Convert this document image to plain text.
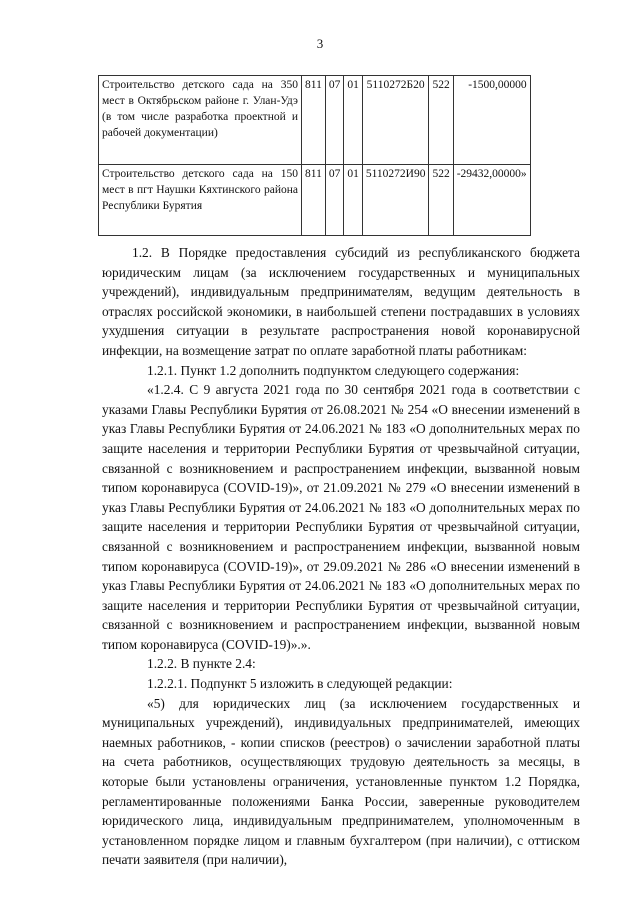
3
Строительство детского сада на 350 мест в Октябрьском районе г. Улан-Удэ (в том числе разработка проектной и рабочей документации)	811	07	01	5110272Б20	522	-1500,00000
Строительство детского сада на 150 мест в пгт Наушки Кяхтинского района Республики Бурятия	811	07	01	5110272И90	522	-29432,00000»

1.2. В Порядке предоставления субсидий из республиканского бюджета юридическим лицам (за исключением государственных и муниципальных учреждений), индивидуальным предпринимателям, ведущим деятельность в отраслях российской экономики, в наибольшей степени пострадавших в условиях ухудшения ситуации в результате распространения новой коронавирусной инфекции, на возмещение затрат по оплате заработной платы работникам:

1.2.1. Пункт 1.2 дополнить подпунктом следующего содержания:

«1.2.4. С 9 августа 2021 года по 30 сентября 2021 года в соответствии с указами Главы Республики Бурятия от 26.08.2021 № 254 «О внесении изменений в указ Главы Республики Бурятия от 24.06.2021 № 183 «О дополнительных мерах по защите населения и территории Республики Бурятия от чрезвычайной ситуации, связанной с возникновением и распространением инфекции, вызванной новым типом коронавируса (COVID-19)», от 21.09.2021 № 279 «О внесении изменений в указ Главы Республики Бурятия от 24.06.2021 № 183 «О дополнительных мерах по защите населения и территории Республики Бурятия от чрезвычайной ситуации, связанной с возникновением и распространением инфекции, вызванной новым типом коронавируса (COVID-19)», от 29.09.2021 № 286 «О внесении изменений в указ Главы Республики Бурятия от 24.06.2021 № 183 «О дополнительных мерах по защите населения и территории Республики Бурятия от чрезвычайной ситуации, связанной с возникновением и распространением инфекции, вызванной новым типом коронавируса (COVID-19)».».

1.2.2. В пункте 2.4:

1.2.2.1. Подпункт 5 изложить в следующей редакции:

«5) для юридических лиц (за исключением государственных и муниципальных учреждений), индивидуальных предпринимателей, имеющих наемных работников, - копии списков (реестров) о зачислении заработной платы на счета работников, осуществляющих трудовую деятельность за месяцы, в которые были установлены ограничения, установленные пунктом 1.2 Порядка, регламентированные положениями Банка России, заверенные руководителем юридического лица, индивидуальным предпринимателем, уполномоченным в установленном порядке лицом и главным бухгалтером (при наличии), с оттиском печати заявителя (при наличии),
